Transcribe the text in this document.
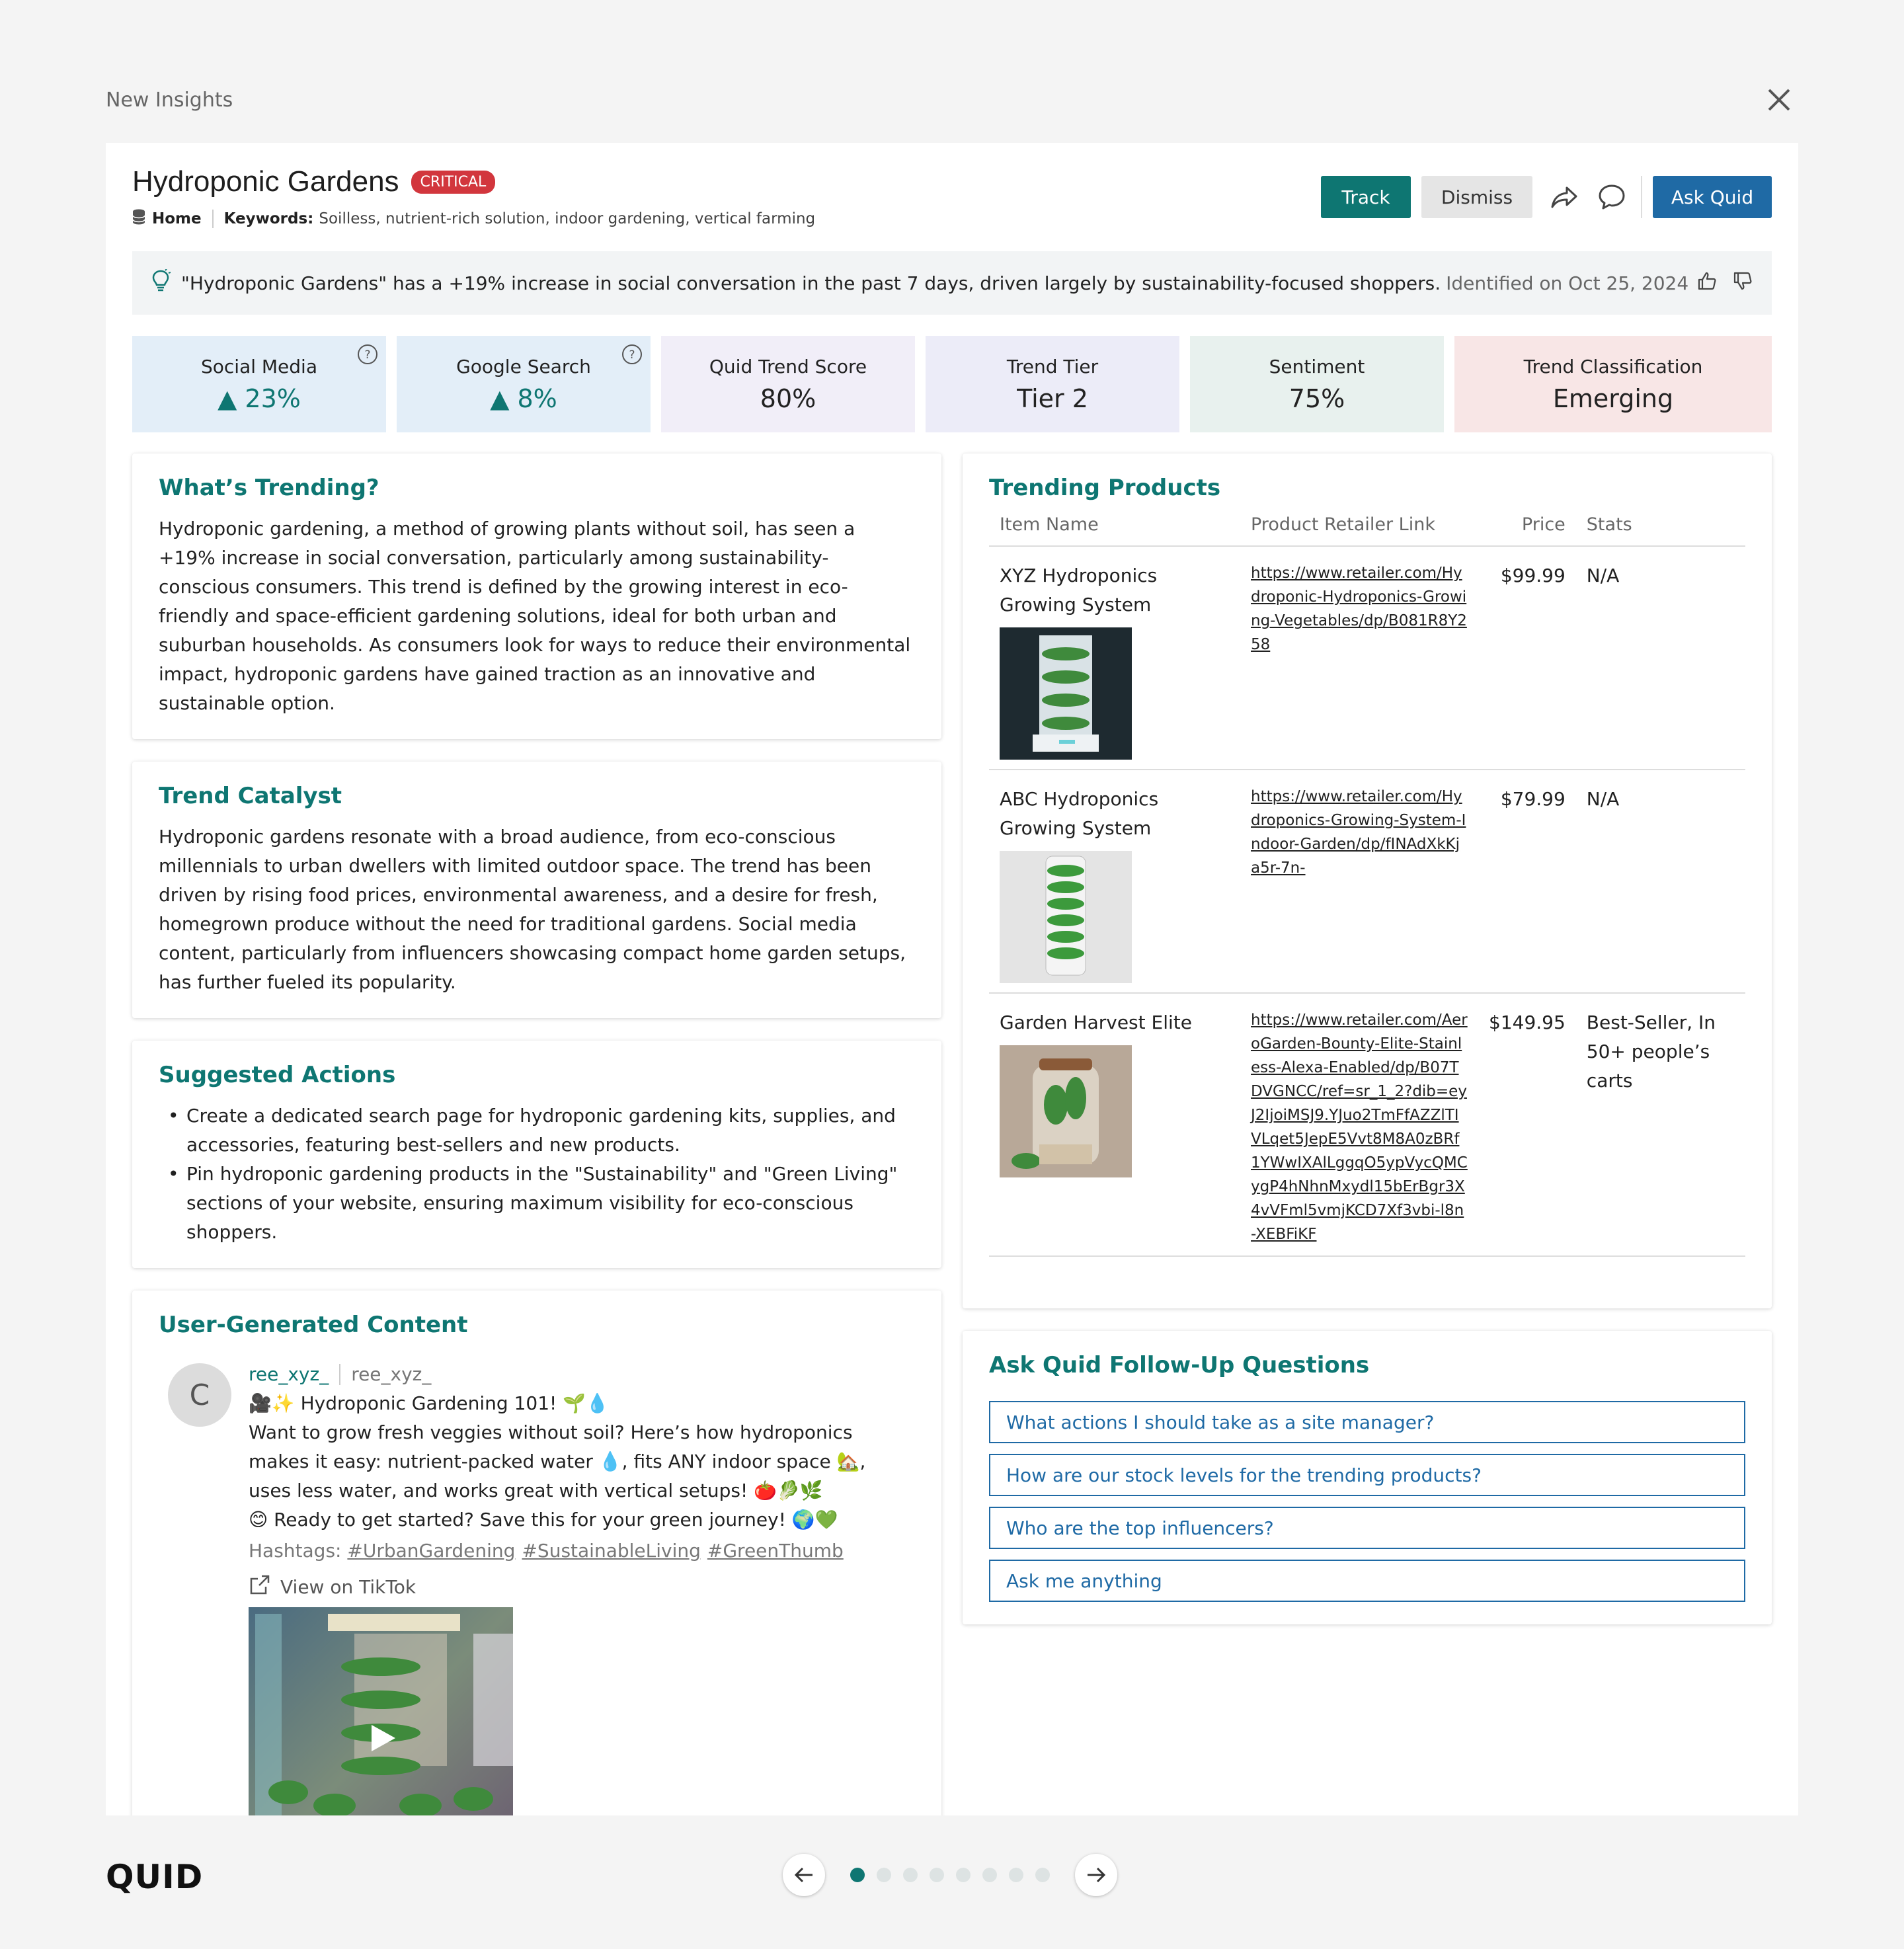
New Insights
Hydroponic Gardens	CRITICAL
Home Keywords: Soilless, nutrient-rich solution, indoor gardening, vertical farming
Track	Dismiss	Ask Quid
"Hydroponic Gardens" has a +19% increase in social conversation in the past 7 days, driven largely by sustainability-focused shoppers. Identified on Oct 25, 2024
Social Media
▲ 23%
?
Google Search
▲ 8%
?
Quid Trend Score
80%
Trend Tier
Tier 2
Sentiment
75%
Trend Classification
Emerging
What’s Trending?

Hydroponic gardening, a method of growing plants without soil, has seen a +19% increase in social conversation, particularly among sustainability-conscious consumers. This trend is defined by the growing interest in eco-friendly and space-efficient gardening solutions, ideal for both urban and suburban households. As consumers look for ways to reduce their environmental impact, hydroponic gardens have gained traction as an innovative and sustainable option.

Trend Catalyst

Hydroponic gardens resonate with a broad audience, from eco-conscious millennials to urban dwellers with limited outdoor space. The trend has been driven by rising food prices, environmental awareness, and a desire for fresh, homegrown produce without the need for traditional gardens. Social media content, particularly from influencers showcasing compact home garden setups, has further fueled its popularity.

Suggested Actions
• Create a dedicated search page for hydroponic gardening kits, supplies, and accessories, featuring best-sellers and new products.
• Pin hydroponic gardening products in the "Sustainability" and "Green Living" sections of your website, ensuring maximum visibility for eco-conscious shoppers.
User-Generated Content
C
ree_xyz_ ree_xyz_

🎥✨ Hydroponic Gardening 101! 🌱💧

Want to grow fresh veggies without soil? Here’s how hydroponics makes it easy: nutrient-packed water 💧, fits ANY indoor space 🏡, uses less water, and works great with vertical setups! 🍅🥬🌿

😊 Ready to get started? Save this for your green journey! 🌍💚

Hashtags: #UrbanGardening #SustainableLiving #GreenThumb
View on TikTok
Trending Products
Item Name	Product Retailer Link	Price	Stats
XYZ Hydroponics Growing System	https://www.retailer.com/Hydroponic-Hydroponics-Growing-Vegetables/dp/B081R8Y258	$99.99	N/A
ABC Hydroponics Growing System	https://www.retailer.com/Hydroponics-Growing-System-Indoor-Garden/dp/fINAdXkKja5r-7n-	$79.99	N/A
Garden Harvest Elite	https://www.retailer.com/AeroGarden-Bounty-Elite-Stainless-Alexa-Enabled/dp/B07TDVGNCC/ref=sr_1_2?dib=eyJ2IjoiMSJ9.YJuo2TmFfAZZlTIVLqet5JepE5Vvt8M8A0zBRf1YWwIXAlLggqO5ypVycQMCygP4hNhnMxydl15bErBgr3X4vVFml5vmjKCD7Xf3vbi-l8n-XEBFiKF	$149.95	Best-Seller, In 50+ people’s carts
Ask Quid Follow-Up Questions
What actions I should take as a site manager?
How are our stock levels for the trending products?
Who are the top influencers?
Ask me anything
QUID
